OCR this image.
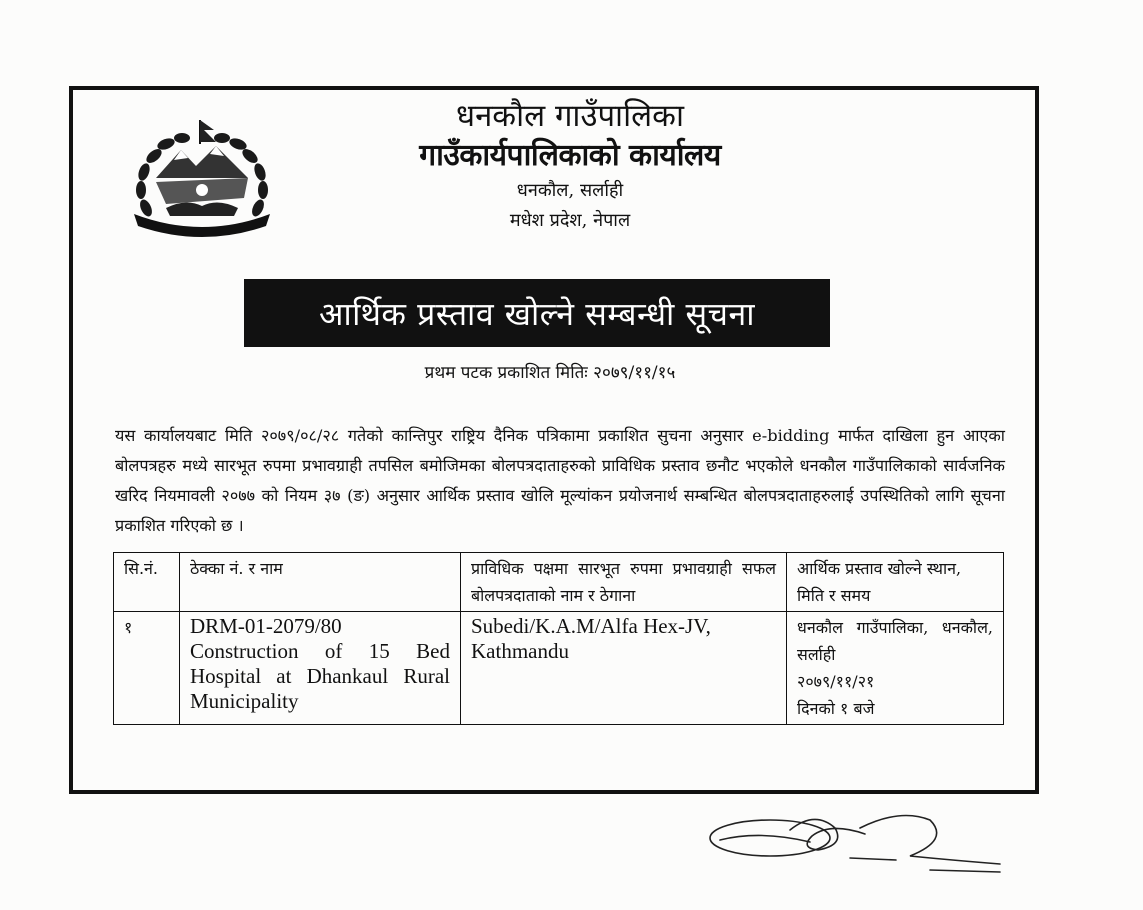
धनकौल गाउँपालिका
गाउँकार्यपालिकाको कार्यालय
धनकौल, सर्लाही
मधेश प्रदेश, नेपाल
आर्थिक प्रस्ताव खोल्ने सम्बन्धी सूचना
प्रथम पटक प्रकाशित मितिः २०७९/११/१५
यस कार्यालयबाट मिति २०७९/०८/२८ गतेको कान्तिपुर राष्ट्रिय दैनिक पत्रिकामा प्रकाशित सुचना अनुसार e-bidding मार्फत दाखिला हुन आएका बोलपत्रहरु मध्ये सारभूत रुपमा प्रभावग्राही तपसिल बमोजिमका बोलपत्रदाताहरुको प्राविधिक प्रस्ताव छनौट भएकोले धनकौल गाउँपालिकाको सार्वजनिक खरिद नियमावली २०७७ को नियम ३७ (ङ) अनुसार आर्थिक प्रस्ताव खोलि मूल्यांकन प्रयोजनार्थ सम्बन्धित बोलपत्रदाताहरुलाई उपस्थितिको लागि सूचना प्रकाशित गरिएको छ ।
सि.नं.	ठेक्का नं. र नाम	प्राविधिक पक्षमा सारभूत रुपमा प्रभावग्राही सफल बोलपत्रदाताको नाम र ठेगाना	आर्थिक प्रस्ताव खोल्ने स्थान, मिति र समय
१	DRM-01-2079/80 Construction of 15 Bed Hospital at Dhankaul Rural Municipality	Subedi/K.A.M/Alfa Hex-JV, Kathmandu	धनकौल गाउँपालिका, धनकौल, सर्लाही
२०७९/११/२१
दिनको १ बजे
